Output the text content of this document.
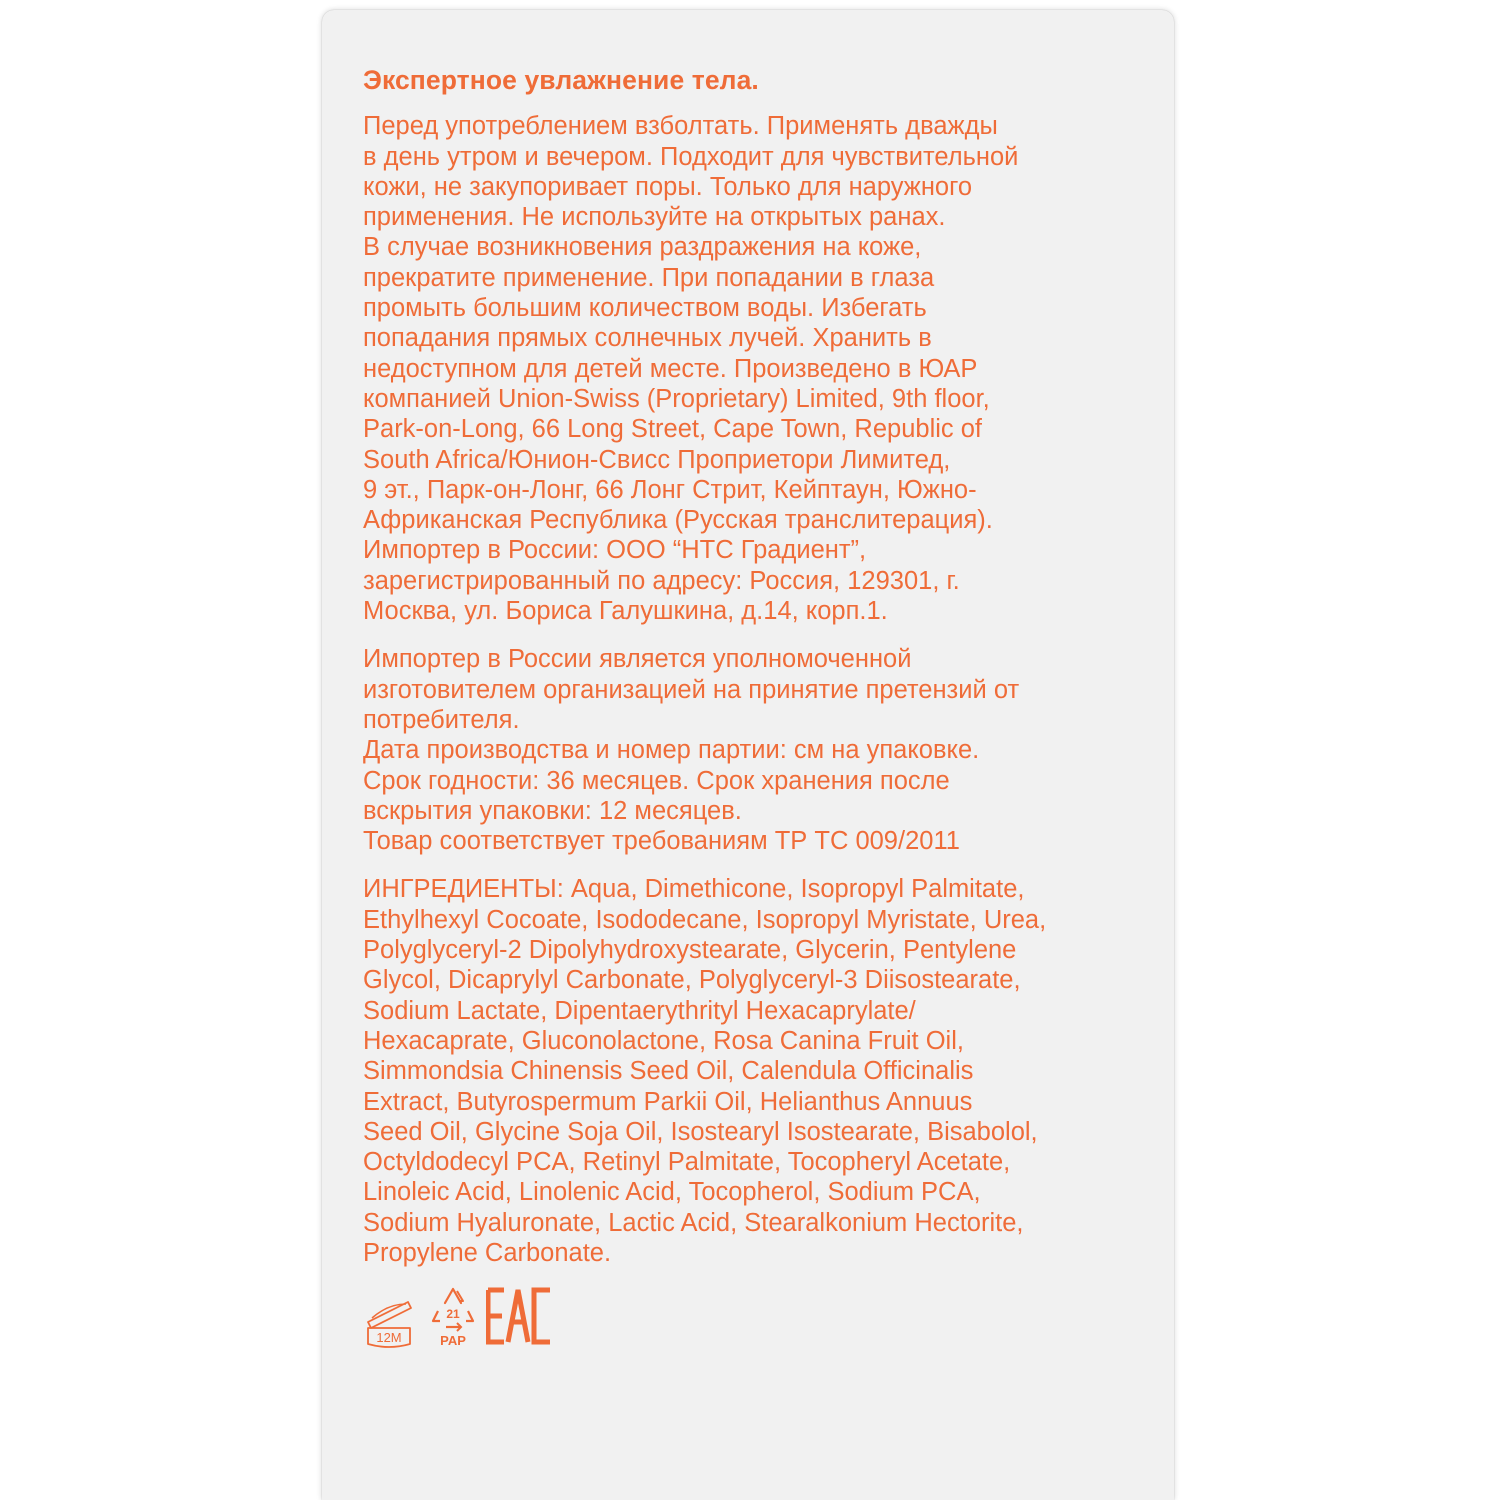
Экспертное увлажнение тела.
Перед употреблением взболтать. Применять дважды
в день утром и вечером. Подходит для чувствительной
кожи, не закупоривает поры. Только для наружного
применения. Не используйте на открытых ранах.
В случае возникновения раздражения на коже,
прекратите применение. При попадании в глаза
промыть большим количеством воды. Избегать
попадания прямых солнечных лучей. Хранить в
недоступном для детей месте. Произведено в ЮАР
компанией Union-Swiss (Proprietary) Limited, 9th floor,
Park-on-Long, 66 Long Street, Cape Town, Republic of
South Africa/Юнион-Свисс Проприетори Лимитед,
9 эт., Парк-он-Лонг, 66 Лонг Стрит, Кейптаун, Южно-
Африканская Республика (Русская транслитерация).
Импортер в России: ООО “НТС Градиент”,
зарегистрированный по адресу: Россия, 129301, г.
Москва, ул. Бориса Галушкина, д.14, корп.1.
Импортер в России является уполномоченной
изготовителем организацией на принятие претензий от
потребителя.
Дата производства и номер партии: см на упаковке.
Срок годности: 36 месяцев. Срок хранения после
вскрытия упаковки: 12 месяцев.
Товар соответствует требованиям ТР ТС 009/2011
ИНГРЕДИЕНТЫ: Aqua, Dimethicone, Isopropyl Palmitate,
Ethylhexyl Cocoate, Isododecane, Isopropyl Myristate, Urea,
Polyglyceryl-2 Dipolyhydroxystearate, Glycerin, Pentylene
Glycol, Dicaprylyl Carbonate, Polyglyceryl-3 Diisostearate,
Sodium Lactate, Dipentaerythrityl Hexacaprylate/
Hexacaprate, Gluconolactone, Rosa Canina Fruit Oil,
Simmondsia Chinensis Seed Oil, Calendula Officinalis
Extract, Butyrospermum Parkii Oil, Helianthus Annuus
Seed Oil, Glycine Soja Oil, Isostearyl Isostearate, Bisabolol,
Octyldodecyl PCA, Retinyl Palmitate, Tocopheryl Acetate,
Linoleic Acid, Linolenic Acid, Tocopherol, Sodium PCA,
Sodium Hyaluronate, Lactic Acid, Stearalkonium Hectorite,
Propylene Carbonate.
12M
21
PAP
